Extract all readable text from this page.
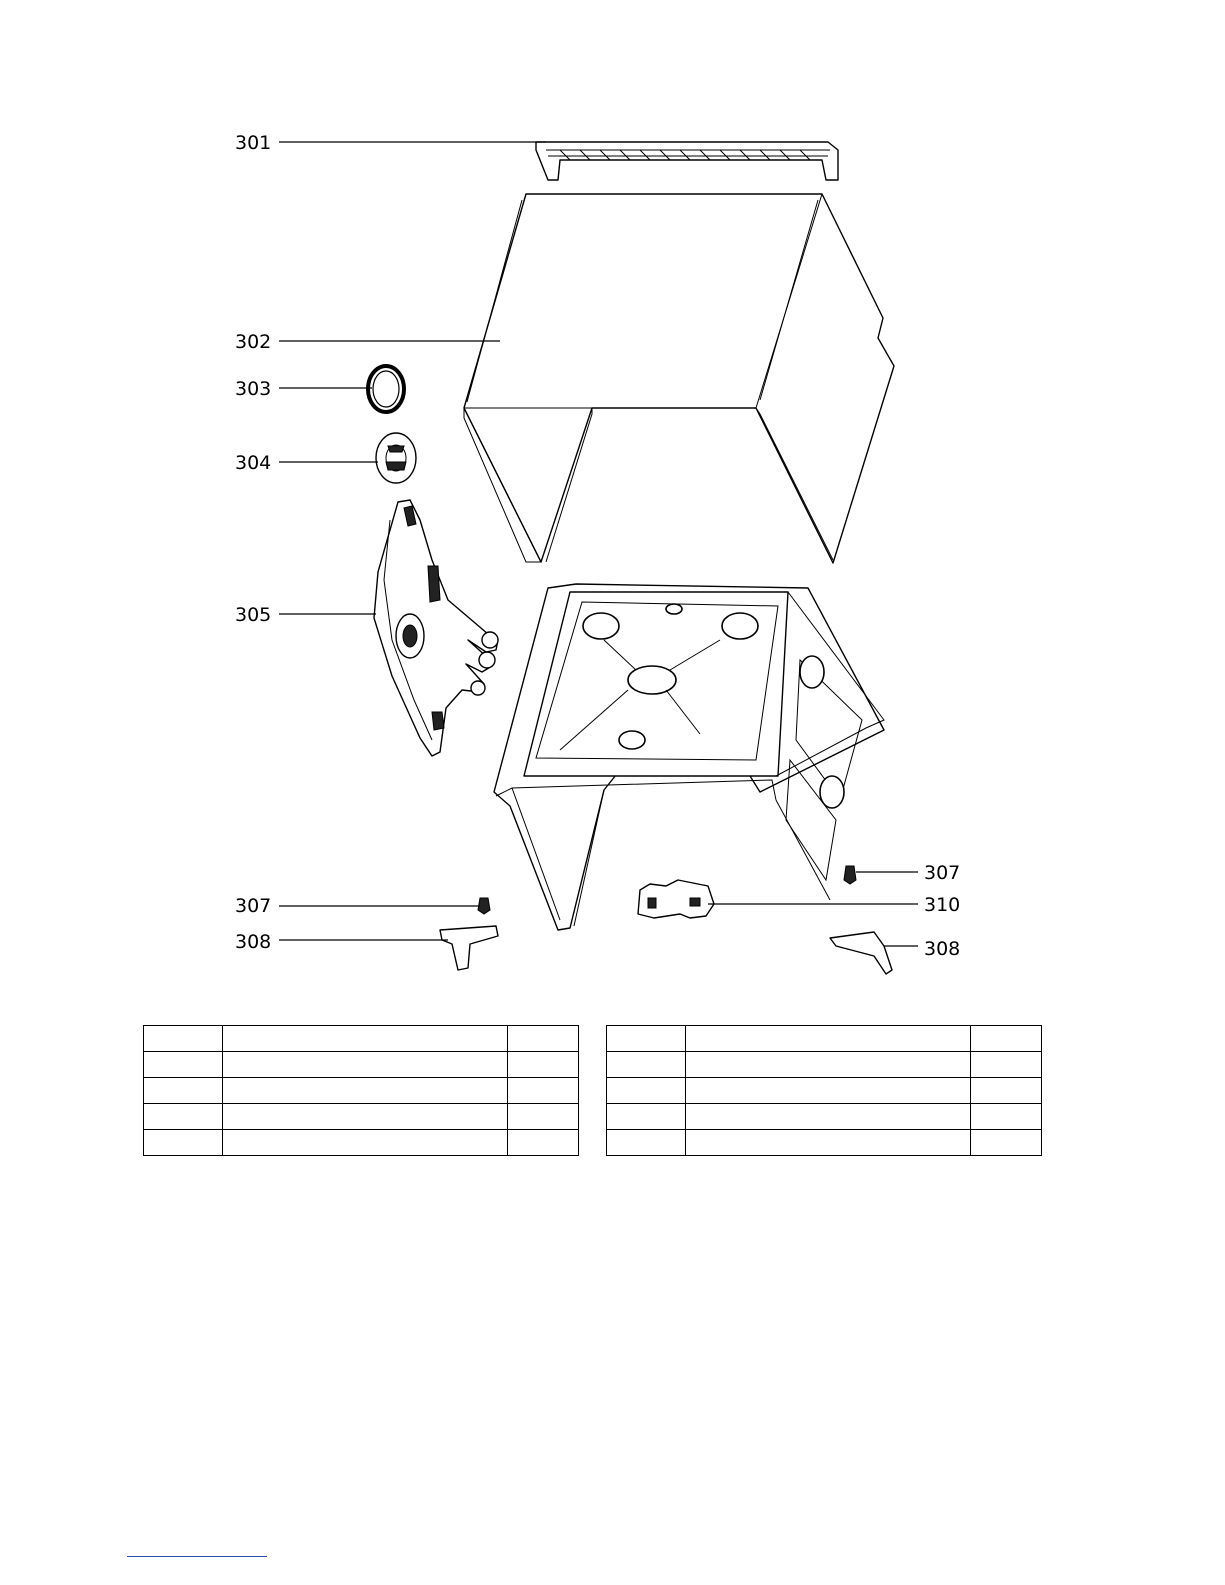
301
302
303
304
305
307
308
307
310
308
